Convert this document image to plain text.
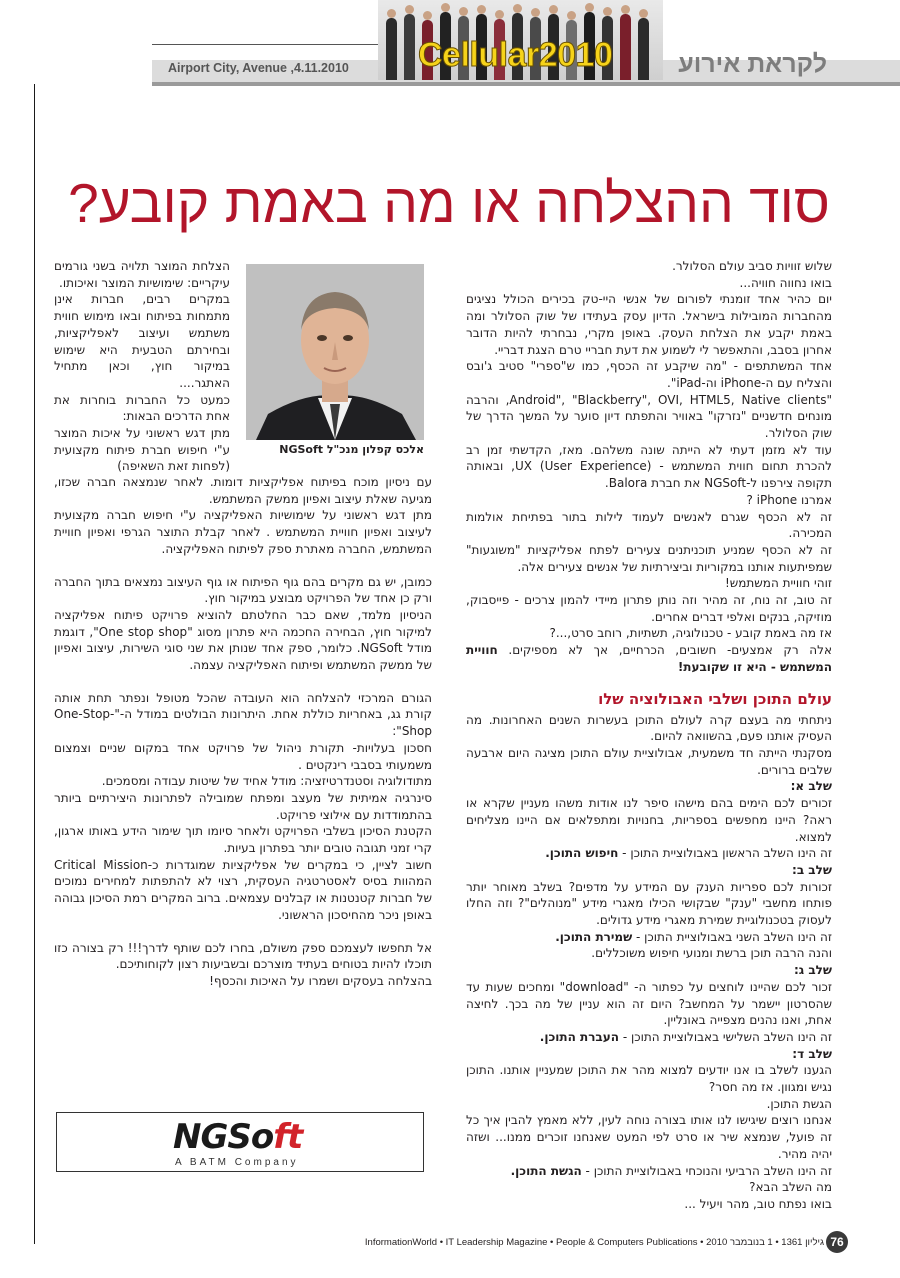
Airport City, Avenue ,4.11.2010 Cellular2010	לקראת אירוע
סוד ההצלחה או מה באמת קובע?

שלוש זוויות סביב עולם הסלולר.

בואו נחווה חוויה...

יום כהיר אחד זומנתי לפורום של אנשי היי-טק בכירים הכולל נציגים מהחברות המובילות בישראל. הדיון עסק בעתידו של שוק הסלולר ומה באמת יקבע את הצלחת העסק. באופן מקרי, נבחרתי להיות הדובר אחרון בסבב, והתאפשר לי לשמוע את דעת חבריי טרם הצגת דבריי.

אחד המשתתפים - "מה שיקבע זה הכסף, כמו ש"ספרי" סטיב ג'ובס והצליח עם ה-iPhone וה-iPad".

"Android", "Blackberry", OVI, HTML5, Native clients, והרבה מונחים חדשניים "נזרקו" באוויר והתפתח דיון סוער על המשך הדרך של שוק הסלולר.

עוד לא מזמן דעתי לא הייתה שונה משלהם. מאז, הקדשתי זמן רב להכרת תחום חווית המשתמש - UX (User Experience), ובאותה תקופה צירפנו ל-NGSoft את חברת Balora.

אמרנו iPhone ?

זה לא הכסף שגרם לאנשים לעמוד לילות בתור בפתיחת אולמות המכירה.

זה לא הכסף שמניע תוכניתנים צעירים לפתח אפליקציות "משוגעות" שמפיתעות אותנו במקוריות וביצירתיות של אנשים צעירים אלה.

זוהי חוויית המשתמש!

זה טוב, זה נוח, זה מהיר וזה נותן פתרון מיידי להמון צרכים - פייסבוק, מוזיקה, בנקים ואלפי דברים אחרים.

אז מה באמת קובע - טכנולוגיה, תשתיות, רוחב סרט,...?

אלה רק אמצעים- חשובים, הכרחיים, אך לא מספיקים. חוויית המשתמש - היא זו שקובעת!

עולם התוכן ושלבי האבולוציה שלו

ניתחתי מה בעצם קרה לעולם התוכן בעשרות השנים האחרונות. מה העסיק אותנו פעם, בהשוואה להיום.

מסקנתי הייתה חד משמעית, אבולוציית עולם התוכן מציגה היום ארבעה שלבים ברורים.

שלב א:

זכורים לכם הימים בהם מישהו סיפר לנו אודות משהו מעניין שקרא או ראה? היינו מחפשים בספריות, בחנויות ומתפלאים אם היינו מצליחים למצוא.

זה הינו השלב הראשון באבולוציית התוכן - חיפוש התוכן.

שלב ב:

זכורות לכם ספריות הענק עם המידע על מדפים? בשלב מאוחר יותר פותחו מחשבי "ענק" שבקושי הכילו מאגרי מידע "מנוהלים"? וזה החלו לעסוק בטכנולוגיית שמירת מאגרי מידע גדולים.

זה הינו השלב השני באבולוציית התוכן - שמירת התוכן.

והנה הרבה תוכן ברשת ומנועי חיפוש משוכללים.

שלב ג:

זכור לכם שהיינו לוחצים על כפתור ה- "download" ומחכים שעות עד שהסרטון יישמר על המחשב? היום זה הוא עניין של מה בכך. לחיצה אחת, ואנו נהנים מצפייה באונליין.

זה הינו השלב השלישי באבולוציית התוכן - העברת התוכן.

שלב ד:

הגענו לשלב בו אנו יודעים למצוא מהר את התוכן שמעניין אותנו. התוכן נגיש ומגוון. אז מה חסר?

הגשת התוכן.

אנחנו רוצים שיגישו לנו אותו בצורה נוחה לעין, ללא מאמץ להבין איך כל זה פועל, שנמצא שיר או סרט לפי המעט שאנחנו זוכרים ממנו... ושזה יהיה מהיר.

זה הינו השלב הרביעי והנוכחי באבולוציית התוכן - הגשת התוכן.

מה השלב הבא?

בואו נפתח טוב, מהר ויעיל ...

אלכס קפלון מנכ"ל NGSoft

הצלחת המוצר תלויה בשני גורמים עיקריים: שימושיות המוצר ואיכותו.

במקרים רבים, חברות אינן מתמחות בפיתוח ובאו מימוש חווית משתמש ועיצוב לאפליקציות, ובחירתם הטבעית היא שימוש במיקור חוץ, וכאן מתחיל האתגר....

כמעט כל החברות בוחרות את אחת הדרכים הבאות:

מתן דגש ראשוני על איכות המוצר ע"י חיפוש חברת פיתוח מקצועית (לפחות זאת השאיפה)

עם ניסיון מוכח בפיתוח אפליקציות דומות. לאחר שנמצאה חברה שכזו, מגיעה שאלת עיצוב ואפיון ממשק המשתמש.

מתן דגש ראשוני על שימושיות האפליקציה ע"י חיפוש חברה מקצועית לעיצוב ואפיון חוויית המשתמש . לאחר קבלת התוצר הגרפי ואפיון חוויית המשתמש, החברה מאתרת ספק לפיתוח האפליקציה.

כמובן, יש גם מקרים בהם גוף הפיתוח או גוף העיצוב נמצאים בתוך החברה ורק כן אחד של הפרויקט מבוצע במיקור חוץ.

הניסיון מלמד, שאם כבר החלטתם להוציא פרויקט פיתוח אפליקציה למיקור חוץ, הבחירה החכמה היא פתרון מסוג "One stop shop", דוגמת מודל NGSoft. כלומר, ספק אחד שנותן את שני סוגי השירות, עיצוב ואפיון של ממשק המשתמש ופיתוח האפליקציה עצמה.

הגורם המרכזי להצלחה הוא העובדה שהכל מטופל ונפתר תחת אותה קורת גג, באחריות כוללת אחת. היתרונות הבולטים במודל ה-"One-Stop-Shop":

חסכון בעלויות- תקורת ניהול של פרויקט אחד במקום שניים וצמצום משמעותי בסבבי רינקטים .

מתודולוגיה וסטנדרטיזציה: מודל אחיד של שיטות עבודה ומסמכים.

סינרגיה אמיתית של מעצב ומפתח שמובילה לפתרונות היצירתיים ביותר בהתמודדות עם אילוצי פרויקט.

הקטנת הסיכון בשלבי הפרויקט ולאחר סיומו תוך שימור הידע באותו ארגון, קרי זמני תגובה טובים יותר בפתרון בעיות.

חשוב לציין, כי במקרים של אפליקציות שמוגדרות כ-Critical Mission המהוות בסיס לאסטרטגיה העסקית, רצוי לא להתפתות למחירים נמוכים של חברות קטנטנות או קבלנים עצמאים. ברוב המקרים רמת הסיכון גבוהה באופן ניכר מהחיסכון הראשוני.

אל תחפשו לעצמכם ספק משולם, בחרו לכם שותף לדרך!!! רק בצורה כזו תוכלו להיות בטוחים בעתיד מוצרכם ובשביעות רצון לקוחותיכם.

בהצלחה בעסקים ושמרו על האיכות והכסף!

NGSoft
A BATM Company
InformationWorld • IT Leadership Magazine • People & Computers Publications • 2010 גיליון 1361 • 1 בנובמבר 76
